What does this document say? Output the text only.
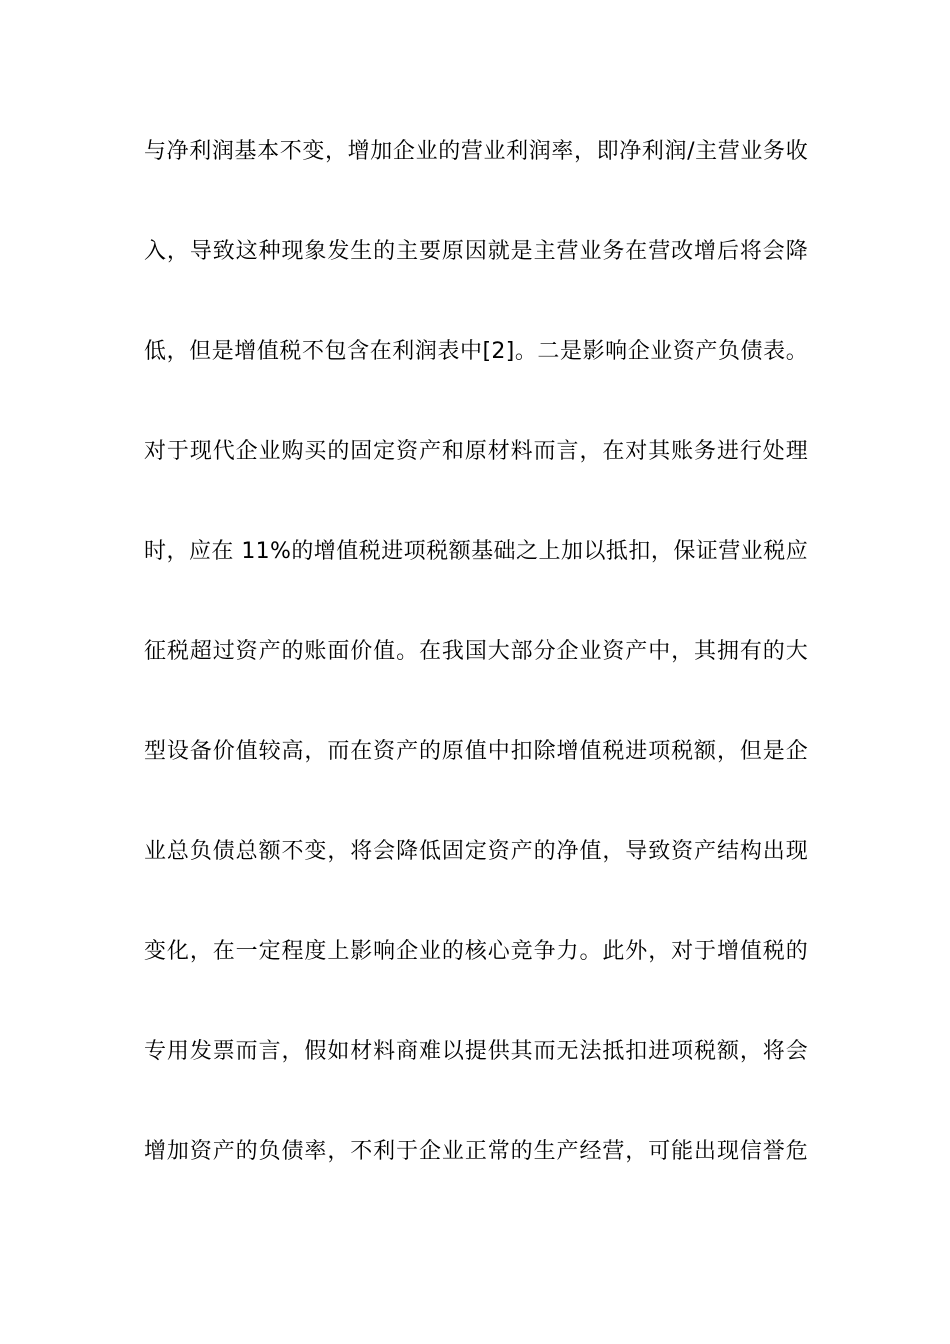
与净利润基本不变，增加企业的营业利润率，即净利润/主营业务收
入，导致这种现象发生的主要原因就是主营业务在营改增后将会降
低，但是增值税不包含在利润表中[2]。二是影响企业资产负债表。
对于现代企业购买的固定资产和原材料而言，在对其账务进行处理
时，应在 11%的增值税进项税额基础之上加以抵扣，保证营业税应
征税超过资产的账面价值。在我国大部分企业资产中，其拥有的大
型设备价值较高，而在资产的原值中扣除增值税进项税额，但是企
业总负债总额不变，将会降低固定资产的净值，导致资产结构出现
变化，在一定程度上影响企业的核心竞争力。此外，对于增值税的
专用发票而言，假如材料商难以提供其而无法抵扣进项税额，将会
增加资产的负债率，不利于企业正常的生产经营，可能出现信誉危
